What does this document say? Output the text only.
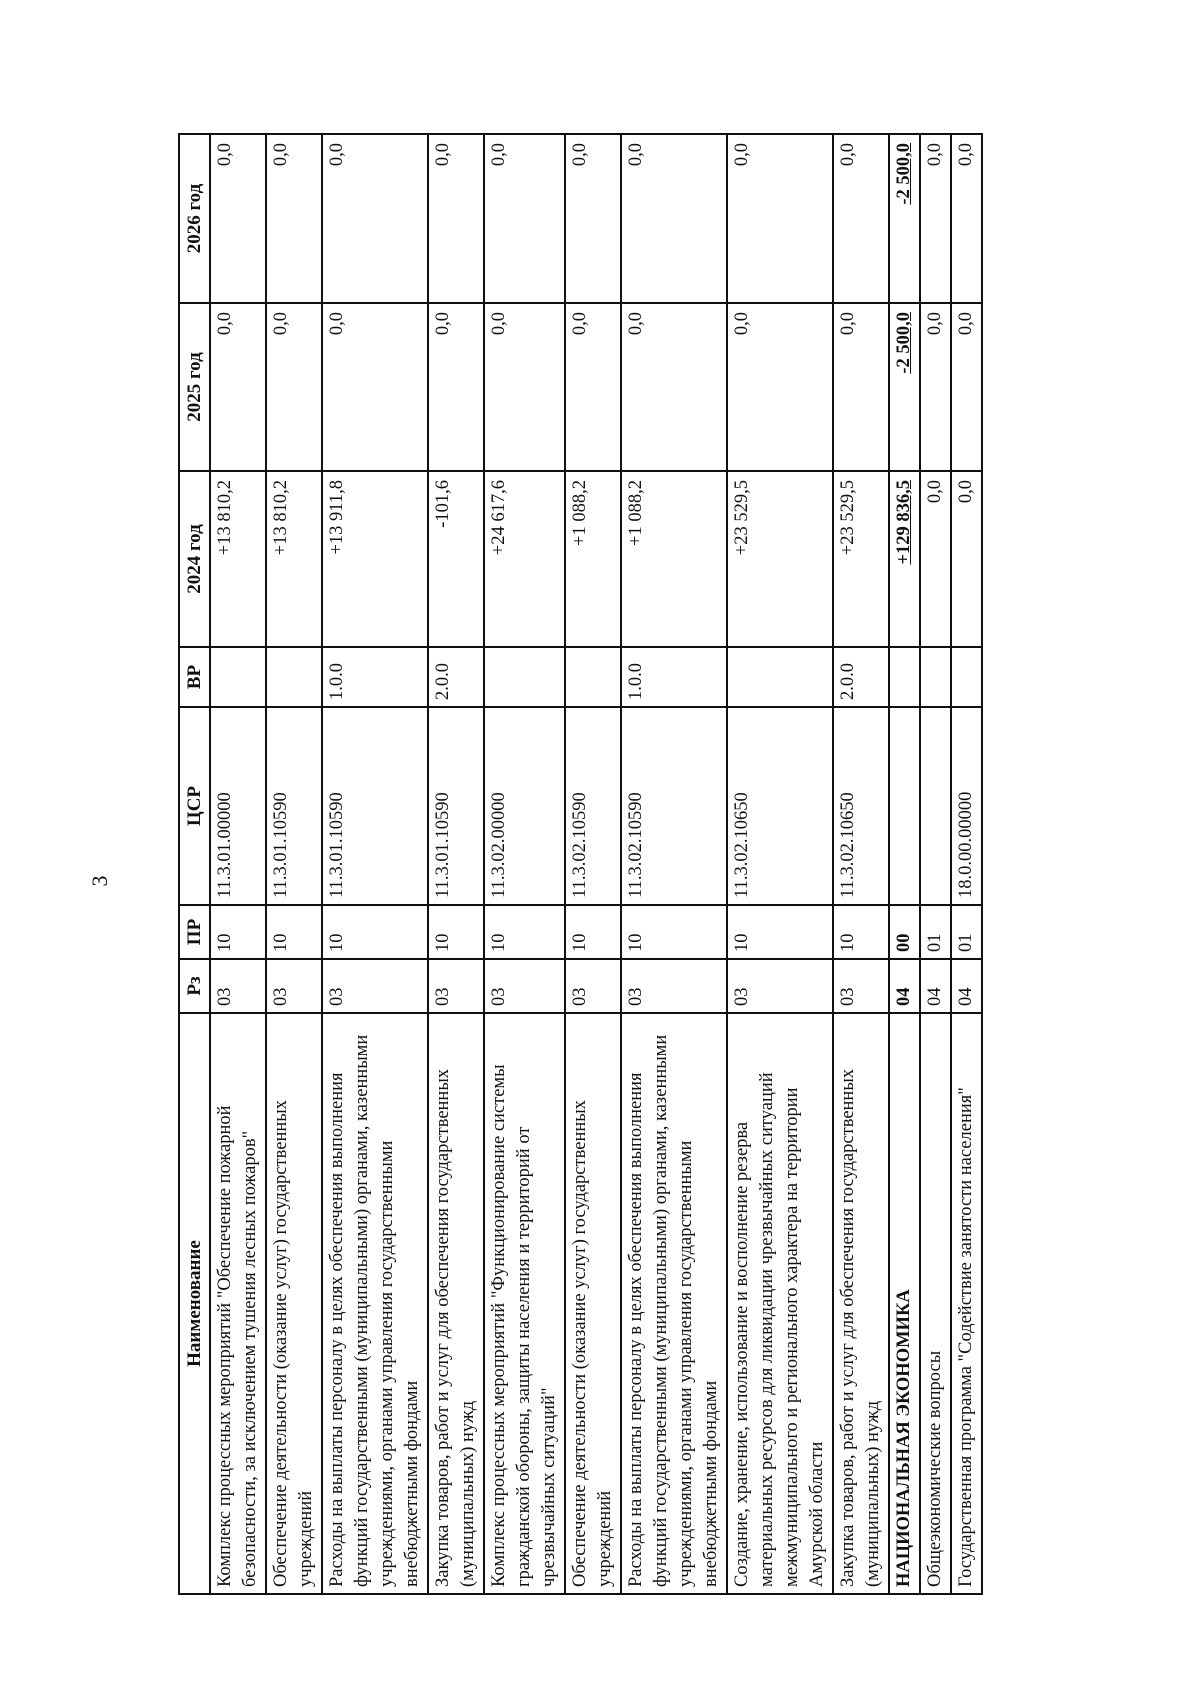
3
Наименование	Рз	ПР	ЦСР	ВР	2024 год	2025 год	2026 год
Комплекс процессных мероприятий "Обеспечение пожарной безопасности, за исключением тушения лесных пожаров"	03	10	11.3.01.00000		+13 810,2	0,0	0,0
Обеспечение деятельности (оказание услуг) государственных учреждений	03	10	11.3.01.10590		+13 810,2	0,0	0,0
Расходы на выплаты персоналу в целях обеспечения выполнения функций государственными (муниципальными) органами, казенными учреждениями, органами управления государственными внебюджетными фондами	03	10	11.3.01.10590	1.0.0	+13 911,8	0,0	0,0
Закупка товаров, работ и услуг для обеспечения государственных (муниципальных) нужд	03	10	11.3.01.10590	2.0.0	-101,6	0,0	0,0
Комплекс процессных мероприятий "Функционирование системы гражданской обороны, защиты населения и территорий от чрезвычайных ситуаций"	03	10	11.3.02.00000		+24 617,6	0,0	0,0
Обеспечение деятельности (оказание услуг) государственных учреждений	03	10	11.3.02.10590		+1 088,2	0,0	0,0
Расходы на выплаты персоналу в целях обеспечения выполнения функций государственными (муниципальными) органами, казенными учреждениями, органами управления государственными внебюджетными фондами	03	10	11.3.02.10590	1.0.0	+1 088,2	0,0	0,0
Создание, хранение, использование и восполнение резерва материальных ресурсов для ликвидации чрезвычайных ситуаций межмуниципального и регионального характера на территории Амурской области	03	10	11.3.02.10650		+23 529,5	0,0	0,0
Закупка товаров, работ и услуг для обеспечения государственных (муниципальных) нужд	03	10	11.3.02.10650	2.0.0	+23 529,5	0,0	0,0
НАЦИОНАЛЬНАЯ ЭКОНОМИКА	04	00			+129 836,5	-2 500,0	-2 500,0
Общеэкономические вопросы	04	01			0,0	0,0	0,0
Государственная программа "Содействие занятости населения"	04	01	18.0.00.00000		0,0	0,0	0,0
